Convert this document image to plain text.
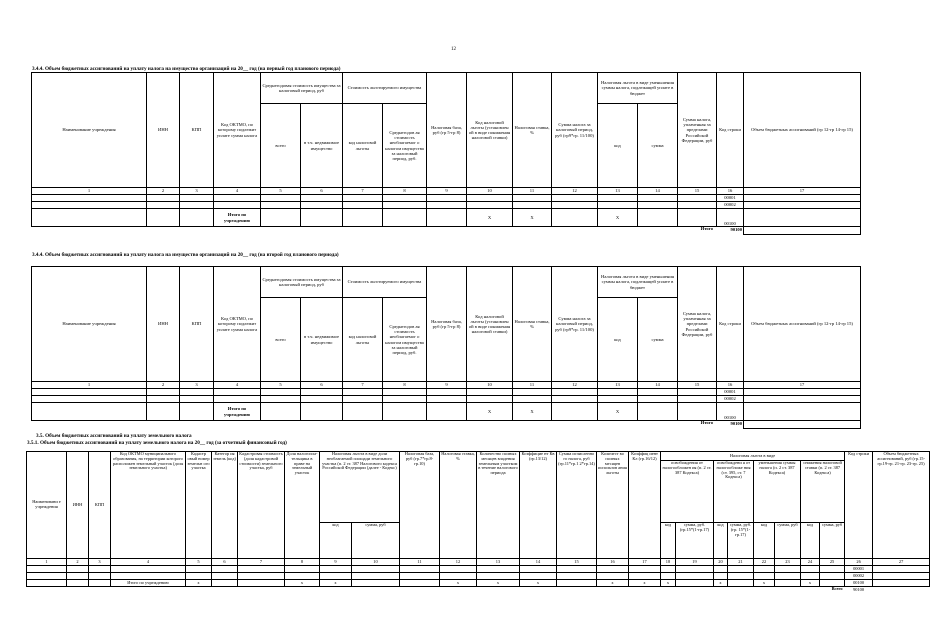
12
3.4.4. Объем бюджетных ассигнований на уплату налога на имущество организаций на 20__ год (на первый год планового периода)
Наименование учреждения	ИНН	КПП	Код ОКТМО, по которому подлежит уплате сумма налога	Среднегодовая стоимость имущества за налоговый период, руб		Стоимость льготируемого имущества		Налоговая база, руб (гр 5-гр 8)	Код налоговой льготы (установлен ой в виде понижения налоговой ставки)	Налоговая ставка, %	Сумма налога за налоговый период, руб (гр9*гр. 11/100)	Налоговая льгота в виде уменьшения суммы налога, подлежащей уплате в бюджет		Сумма налога, уплаченная за пределами Российской Федерации, руб	Код строки	Объем бюджетных ассигнований (гр 12-гр 14-гр 15)
				всего	в т.ч. недвижимое имущество	код налоговой льготы	Среднегодов ая стоимость необлагаемог о налогом имущества за налоговый период, руб.					код	сумма			
1	2	3	4	5	6	7	8	9	10	11	12	13	14	15	16	17
															00001	
															00002	
			Итого по учреждению						X	X		X			00100	

															Итого 90100	
3.4.4. Объем бюджетных ассигнований на уплату налога на имущество организаций на 20__ год (на второй год планового периода)
Наименование учреждения	ИНН	КПП	Код ОКТМО, по которому подлежит уплате сумма налога	Среднегодовая стоимость имущества за налоговый период, руб		Стоимость льготируемого имущества		Налоговая база, руб (гр 5-гр 8)	Код налоговой льготы (установлен ой в виде понижения налоговой ставки)	Налоговая ставка, %	Сумма налога за налоговый период, руб (гр9*гр. 11/100)	Налоговая льгота в виде уменьшения суммы налога, подлежащей уплате в бюджет		Сумма налога, уплаченная за пределами Российской Федерации, руб	Код строки	Объем бюджетных ассигнований (гр 12-гр 14-гр 15)
				всего	в т.ч. недвижимое имущество	код налоговой льготы	Среднегодов ая стоимость необлагаемог о налогом имущества за налоговый период, руб.					код	сумма			
1	2	3	4	5	6	7	8	9	10	11	12	13	14	15	16	17
															00001	
															00002	
			Итого по учреждению						X	X		X			00100	

															Итого 90100	
3.5. Объем бюджетных ассигнований на уплату земельного налога
3.5.1. Объем бюджетных ассигнований на уплату земельного налога на 20__ год (за отчетный финансовый год)
Наименовани е учреждения	ИНН	КПП	Код ОКТМО муниципального образования, на территории которого расположен земельный участок (доля земельного участка)	Кадастр овый номер земельн ого участка	Категор ия земель (код)	Кадастровая стоимость (доля кадастровой стоимости) земельного участка, руб	Доля налогопла-тельщика в праве на земельный участок	Налоговая льгота в виде доли необлагаемой площади земельного участка (п. 2 ст. 387 Налогового кодекса Российской Федерации (далее - Кодекс)		Налоговая база, руб (гр.7*гр.8-гр.10)	Налоговая ставка, %	Количество полных месяцев владения земельным участком в течение налогового периода	Коэффицие нт Кв (гр.13/12)	Сумма исчисленно го налога, руб (гр.11*гр.1 2*гр.14)	Количест во полных месяцев использов ания льготы	Коэффиц иент Кл (гр.16/12)	Налоговая льгота в виде								Код строки	Объем бюджетных ассигнований, руб (гр.15-гр.19-гр. 21-гр. 23-гр. 25)
																	освобождения от налогообложен ия (п. 2 ст. 387 Кодекса)		освобождени я от налогообложе ния (ст. 395, ст. 7 Кодекса)		уменьшения суммы налога (п. 2 ст. 387 Кодекса)		снижения налоговой ставки (п. 2 ст. 387 Кодекса)			
								код	сумма, руб								код	сумма, руб. (гр.15*(1-гр.17)	код	сумма, руб.(гр. 15*(1-гр.17)	код	сумма, руб	код	сумма, руб		
1	2	3	4	5	6	7	8	9	10	11	12	13	14	15	16	17	18	19	20	21	22	23	24	25	26	27
																									00001	
																									00002	
			Итого по учреждению	x			x	x			x	x	x		x	x	x		x		x		x		00100	

																									Всего 90100	
